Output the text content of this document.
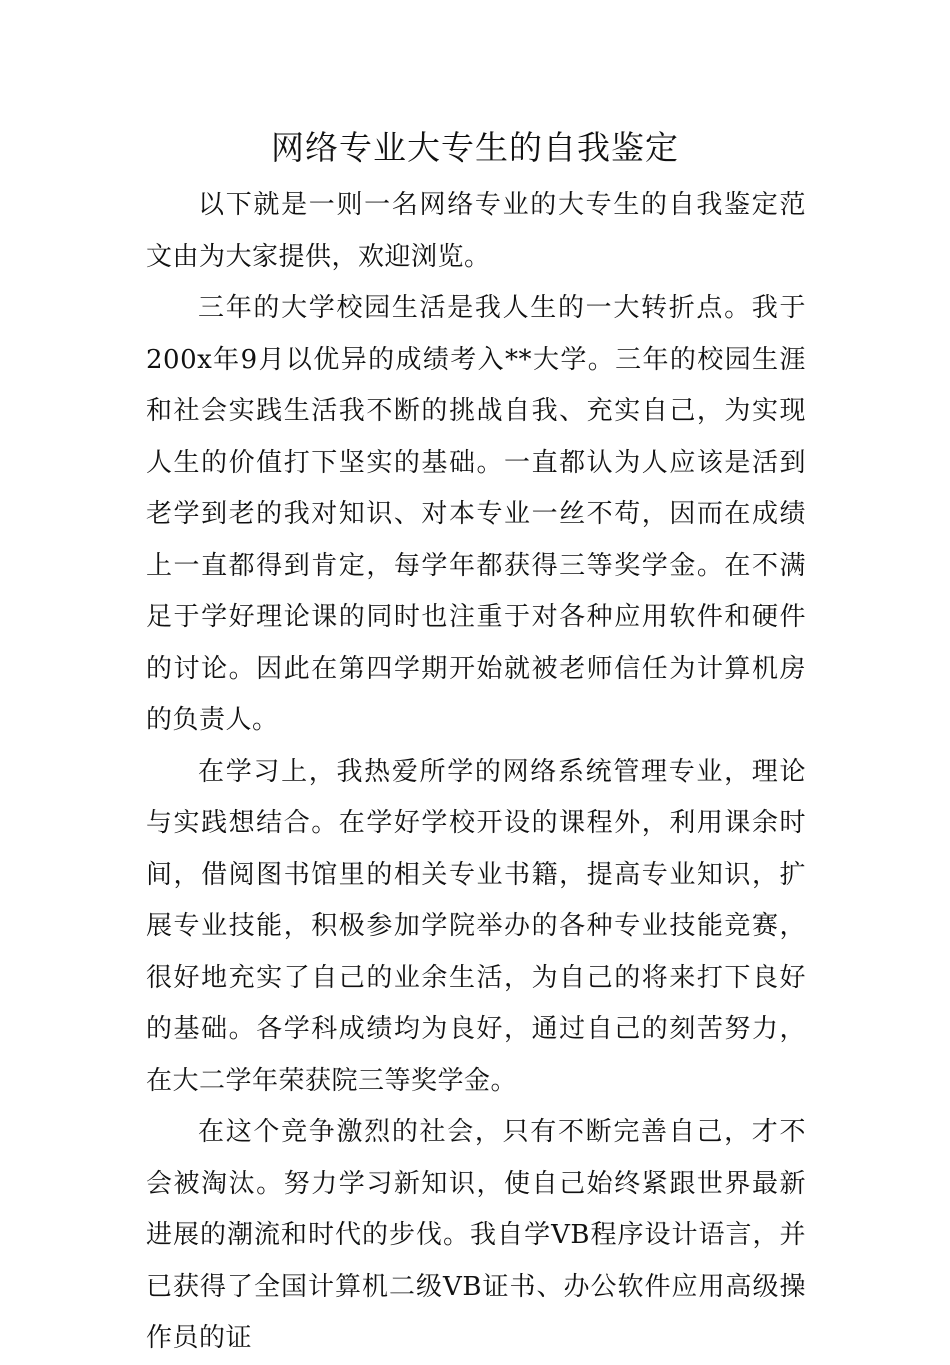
网络专业大专生的自我鉴定

以下就是一则一名网络专业的大专生的自我鉴定范文由为大家提供，欢迎浏览。

三年的大学校园生活是我人生的一大转折点。我于200x年9月以优异的成绩考入**大学。三年的校园生涯和社会实践生活我不断的挑战自我、充实自己，为实现人生的价值打下坚实的基础。一直都认为人应该是活到老学到老的我对知识、对本专业一丝不苟，因而在成绩上一直都得到肯定，每学年都获得三等奖学金。在不满足于学好理论课的同时也注重于对各种应用软件和硬件的讨论。因此在第四学期开始就被老师信任为计算机房的负责人。

在学习上，我热爱所学的网络系统管理专业，理论与实践想结合。在学好学校开设的课程外，利用课余时间，借阅图书馆里的相关专业书籍，提高专业知识，扩展专业技能，积极参加学院举办的各种专业技能竞赛，很好地充实了自己的业余生活，为自己的将来打下良好的基础。各学科成绩均为良好，通过自己的刻苦努力，在大二学年荣获院三等奖学金。

在这个竞争激烈的社会，只有不断完善自己，才不会被淘汰。努力学习新知识，使自己始终紧跟世界最新进展的潮流和时代的步伐。我自学VB程序设计语言，并已获得了全国计算机二级VB证书、办公软件应用高级操作员的证
